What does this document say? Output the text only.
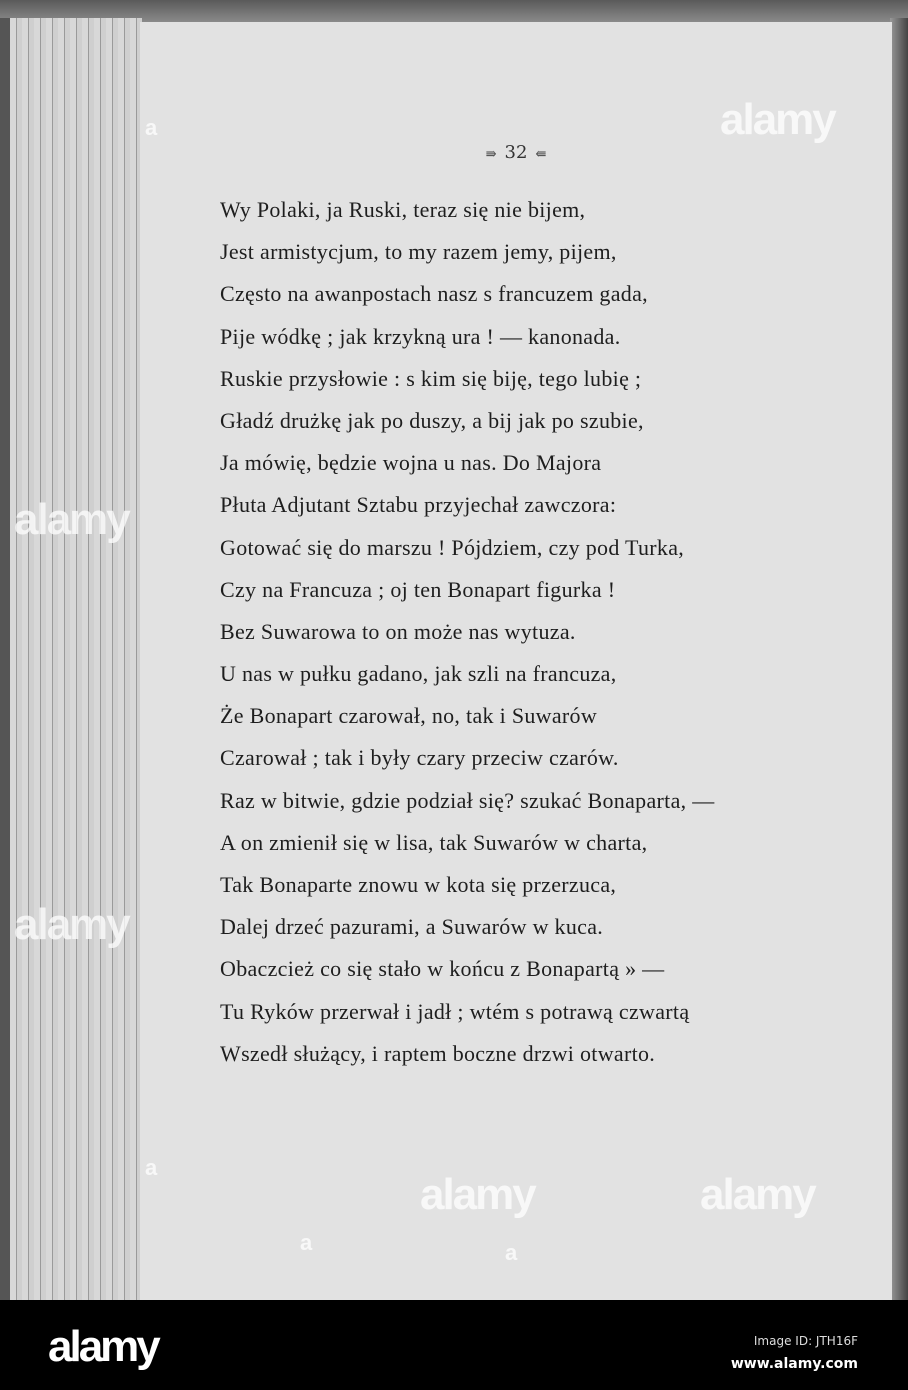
⇛ 32 ⇚
Wy Polaki, ja Ruski, teraz się nie bijem,
Jest armistycjum, to my razem jemy, pijem,
Często na awanpostach nasz s francuzem gada,
Pije wódkę ; jak krzykną ura ! — kanonada.
Ruskie przysłowie : s kim się biję, tego lubię ;
Gładź drużkę jak po duszy, a bij jak po szubie,
Ja mówię, będzie wojna u nas. Do Majora
Płuta Adjutant Sztabu przyjechał zawczora:
Gotować się do marszu ! Pójdziem, czy pod Turka,
Czy na Francuza ; oj ten Bonapart figurka !
Bez Suwarowa to on może nas wytuza.
U nas w pułku gadano, jak szli na francuza,
Że Bonapart czarował, no, tak i Suwarów
Czarował ; tak i były czary przeciw czarów.
Raz w bitwie, gdzie podział się? szukać Bonaparta, —
A on zmienił się w lisa, tak Suwarów w charta,
Tak Bonaparte znowu w kota się przerzuca,
Dalej drzeć pazurami, a Suwarów w kuca.
Obaczcież co się stało w końcu z Bonapartą » —
Tu Ryków przerwał i jadł ; wtém s potrawą czwartą
Wszedł służący, i raptem boczne drzwi otwarto.
alamy
alamy
alamy
alamy
alamy
a
a
a
a
alamy	Image ID: JTH16F
www.alamy.com
